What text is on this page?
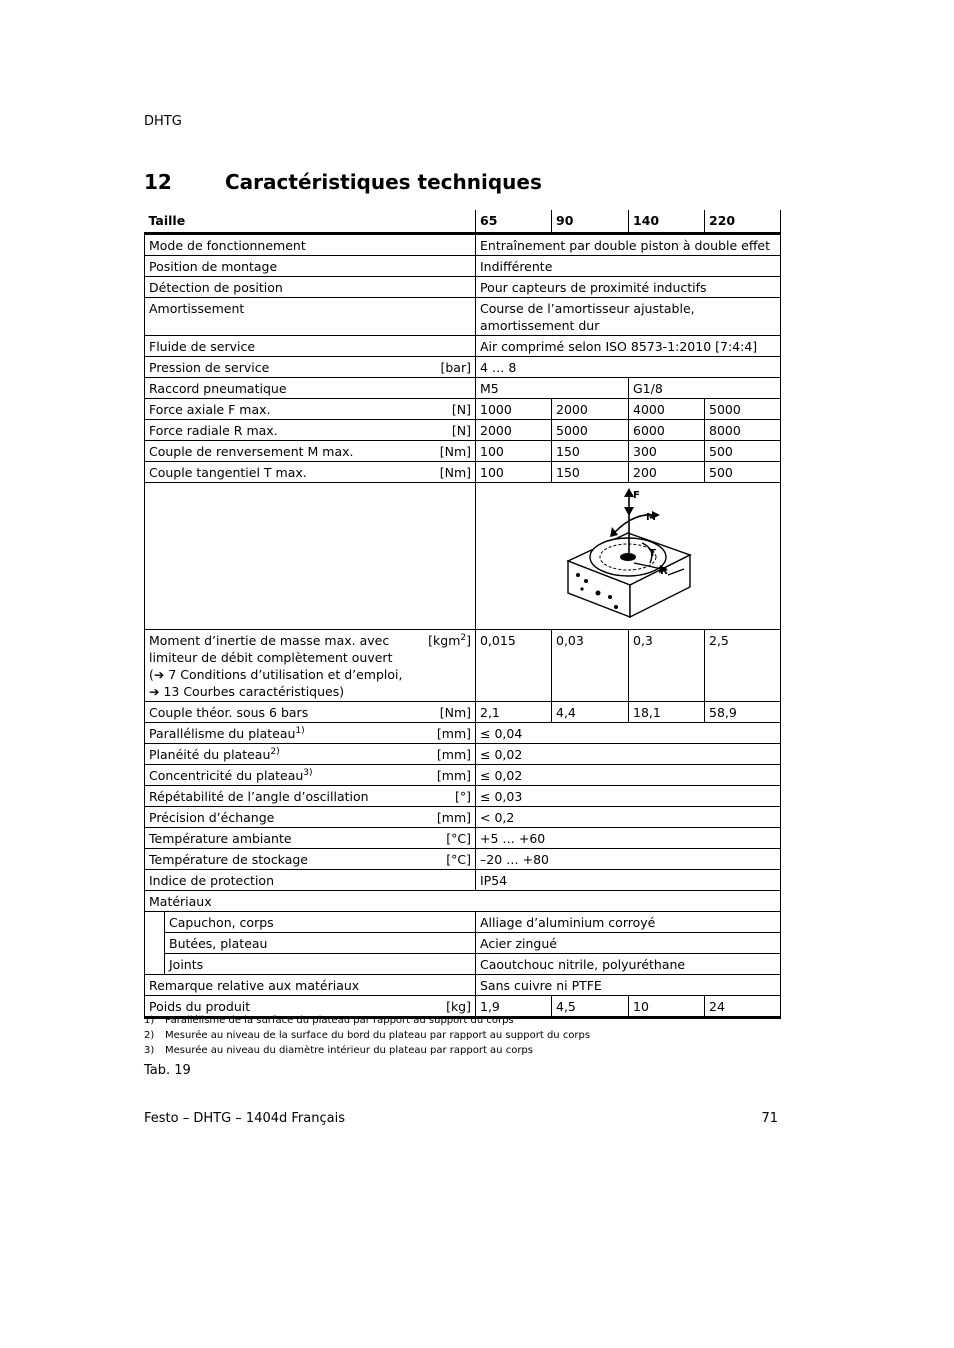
DHTG
12	Caractéristiques techniques
Taille		65	90	140	220
Mode de fonctionnement		Entraînement par double piston à double effet			
Position de montage		Indifférente			
Détection de position		Pour capteurs de proximité inductifs			
Amortissement		Course de l’amortisseur ajustable,
amortissement dur			

Fluide de service		Air comprimé selon ISO 8573-1:2010 [7:4:4]			

Pression de service [bar]		4 … 8			
Raccord pneumatique		M5		G1/8	

Force axiale F max. [N]		1000	2000	4000	5000

Force radiale R max. [N]		2000	5000	6000	8000

Couple de renversement M max. [Nm]		100	150	300	500

Couple tangentiel T max. [Nm]		100	150	200	500

F
M
T
R			

Moment d’inertie de masse max. avec
limiteur de débit complètement ouvert
(➔ 7 Conditions d’utilisation et d’emploi,
➔ 13 Courbes caractéristiques)
[kgm$^2$]		0,015	0,03	0,3	2,5

Couple théor. sous 6 bars [Nm]		2,1	4,4	18,1	58,9

Parallélisme du plateau$^{1)}$ [mm]		≤ 0,04			

Planéité du plateau$^{2)}$ [mm]		≤ 0,02			

Concentricité du plateau$^{3)}$ [mm]		≤ 0,02			

Répétabilité de l’angle d’oscillation [°]		≤ 0,03			

Précision d’échange [mm]		< 0,2			

Température ambiante [°C]		+5 … +60			

Température de stockage [°C]		–20 … +80			
Indice de protection		IP54			
Matériaux					
	Capuchon, corps	Alliage d’aluminium corroyé			
	Butées, plateau	Acier zingué			
	Joints	Caoutchouc nitrile, polyuréthane			
Remarque relative aux matériaux		Sans cuivre ni PTFE			

Poids du produit [kg]		1,9	4,5	10	24
1) Parallélisme de la surface du plateau par rapport au support du corps
2) Mesurée au niveau de la surface du bord du plateau par rapport au support du corps
3) Mesurée au niveau du diamètre intérieur du plateau par rapport au corps
Tab. 19
Festo – DHTG – 1404d Français	71
